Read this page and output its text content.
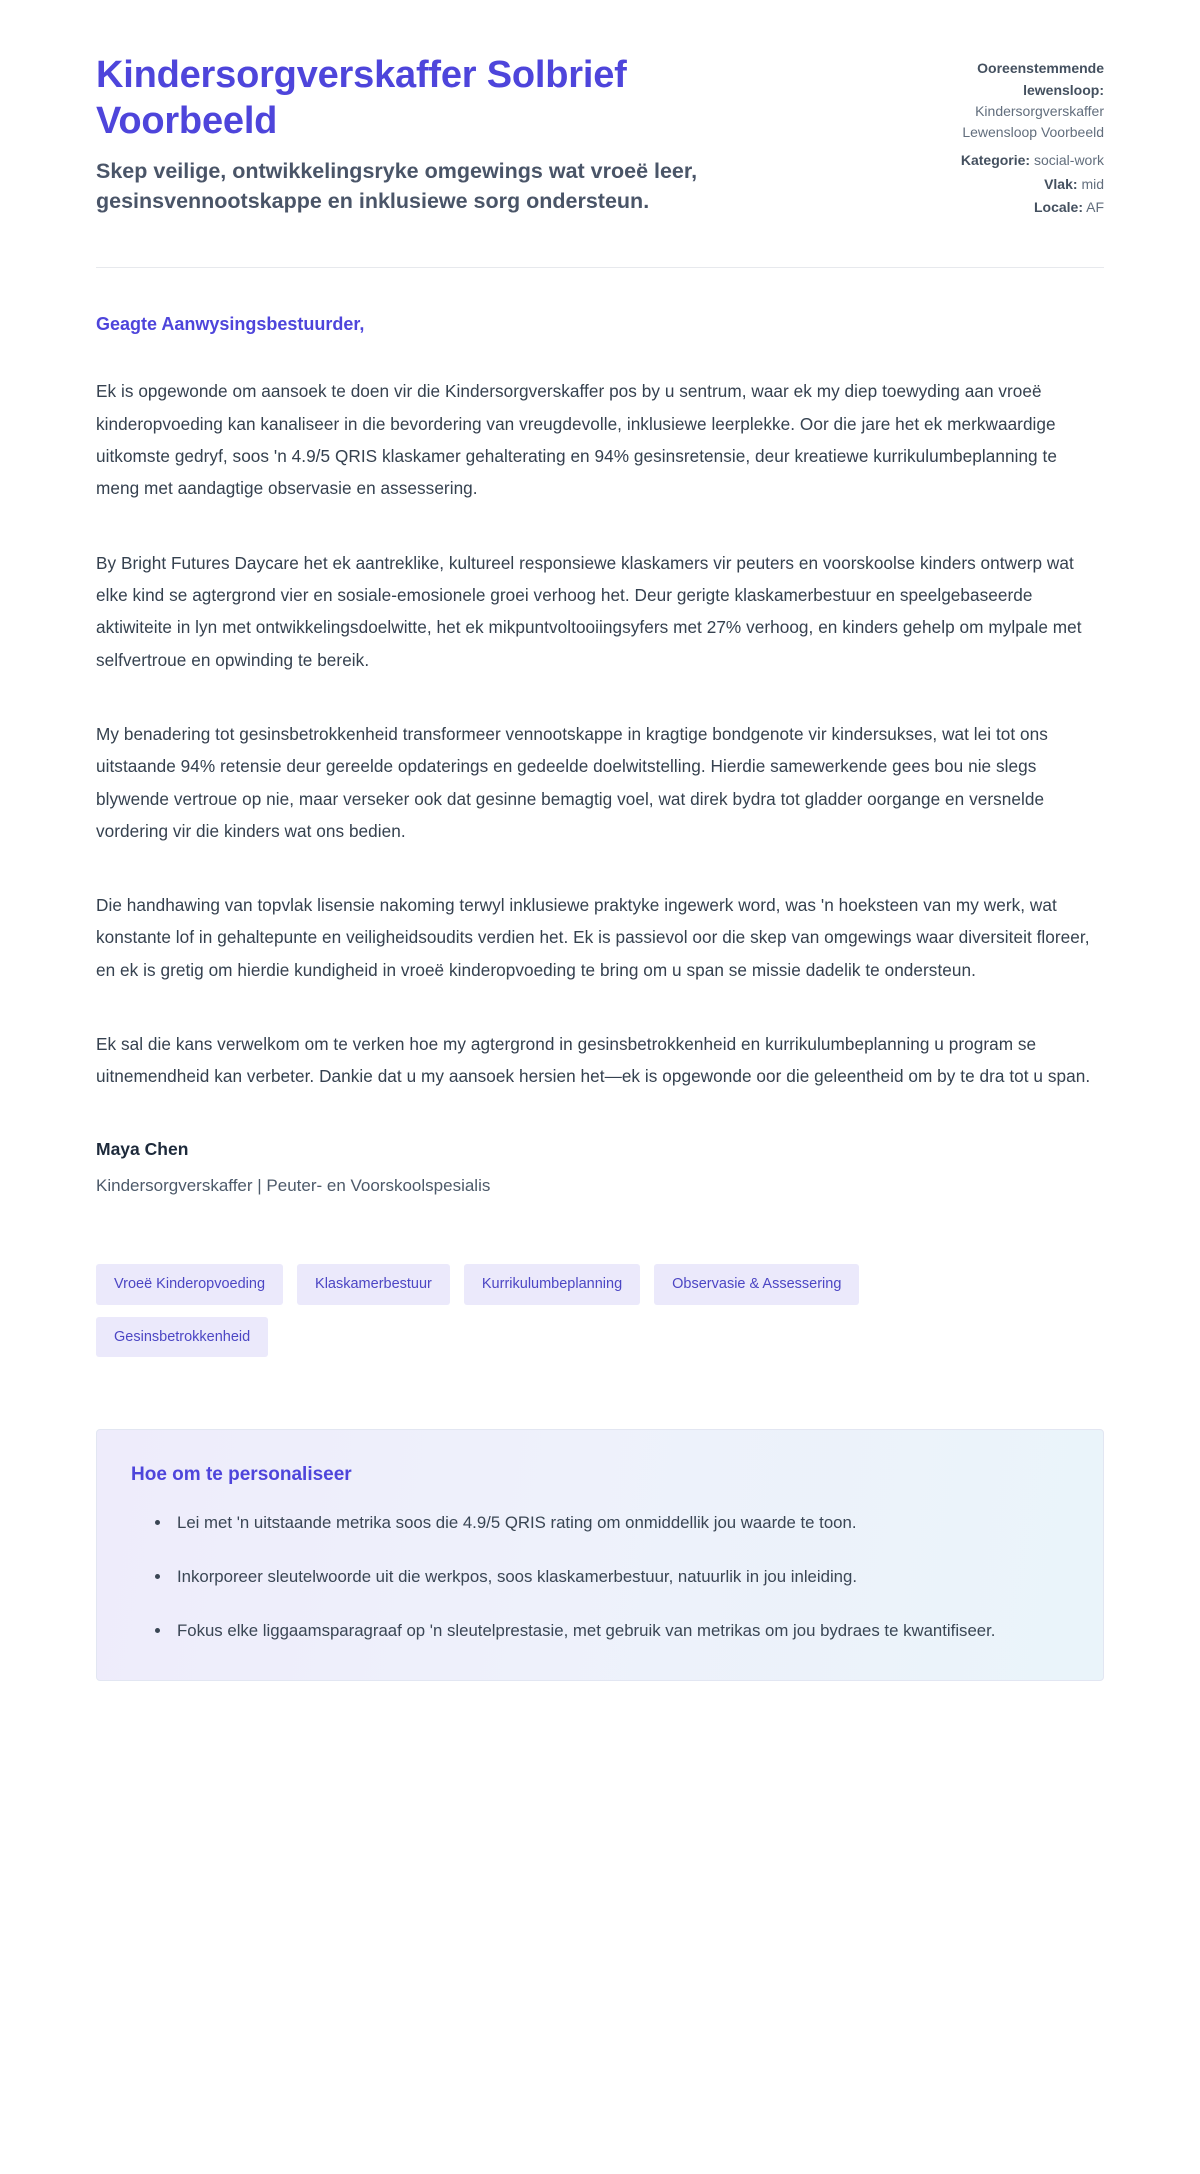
Kindersorgverskaffer Solbrief Voorbeeld

Skep veilige, ontwikkelingsryke omgewings wat vroeë leer, gesinsvennootskappe en inklusiewe sorg ondersteun.

Ooreenstemmende lewensloop:
Kindersorgverskaffer Lewensloop Voorbeeld
Kategorie: social-work
Vlak: mid
Locale: AF

Geagte Aanwysingsbestuurder,

Ek is opgewonde om aansoek te doen vir die Kindersorgverskaffer pos by u sentrum, waar ek my diep toewyding aan vroeë kinderopvoeding kan kanaliseer in die bevordering van vreugdevolle, inklusiewe leerplekke. Oor die jare het ek merkwaardige uitkomste gedryf, soos 'n 4.9/5 QRIS klaskamer gehalterating en 94% gesinsretensie, deur kreatiewe kurrikulumbeplanning te meng met aandagtige observasie en assessering.

By Bright Futures Daycare het ek aantreklike, kultureel responsiewe klaskamers vir peuters en voorskoolse kinders ontwerp wat elke kind se agtergrond vier en sosiale-emosionele groei verhoog het. Deur gerigte klaskamerbestuur en speelgebaseerde aktiwiteite in lyn met ontwikkelingsdoelwitte, het ek mikpuntvoltooiingsyfers met 27% verhoog, en kinders gehelp om mylpale met selfvertroue en opwinding te bereik.

My benadering tot gesinsbetrokkenheid transformeer vennootskappe in kragtige bondgenote vir kindersukses, wat lei tot ons uitstaande 94% retensie deur gereelde opdaterings en gedeelde doelwitstelling. Hierdie samewerkende gees bou nie slegs blywende vertroue op nie, maar verseker ook dat gesinne bemagtig voel, wat direk bydra tot gladder oorgange en versnelde vordering vir die kinders wat ons bedien.

Die handhawing van topvlak lisensie nakoming terwyl inklusiewe praktyke ingewerk word, was 'n hoeksteen van my werk, wat konstante lof in gehaltepunte en veiligheidsoudits verdien het. Ek is passievol oor die skep van omgewings waar diversiteit floreer, en ek is gretig om hierdie kundigheid in vroeë kinderopvoeding te bring om u span se missie dadelik te ondersteun.

Ek sal die kans verwelkom om te verken hoe my agtergrond in gesinsbetrokkenheid en kurrikulumbeplanning u program se uitnemendheid kan verbeter. Dankie dat u my aansoek hersien het—ek is opgewonde oor die geleentheid om by te dra tot u span.

Maya Chen

Kindersorgverskaffer | Peuter- en Voorskoolspesialis

Vroeë Kinderopvoeding	Klaskamerbestuur	Kurrikulumbeplanning	Observasie & Assessering
Gesinsbetrokkenheid
Hoe om te personaliseer
Lei met 'n uitstaande metrika soos die 4.9/5 QRIS rating om onmiddellik jou waarde te toon.
Inkorporeer sleutelwoorde uit die werkpos, soos klaskamerbestuur, natuurlik in jou inleiding.
Fokus elke liggaamsparagraaf op 'n sleutelprestasie, met gebruik van metrikas om jou bydraes te kwantifiseer.
